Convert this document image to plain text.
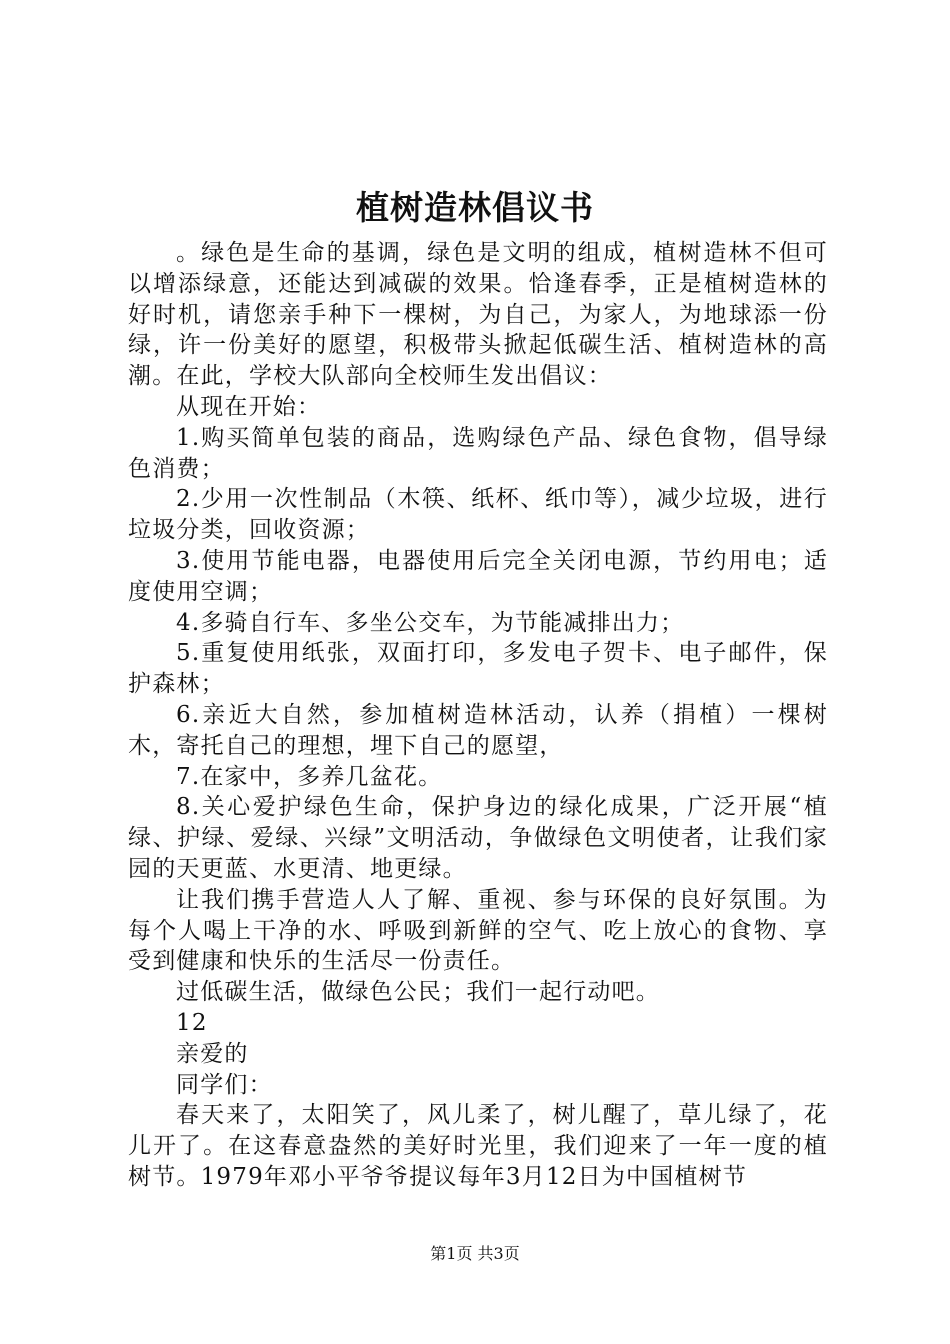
植树造林倡议书

。绿色是生命的基调，绿色是文明的组成，植树造林不但可以增添绿意，还能达到减碳的效果。恰逢春季，正是植树造林的好时机，请您亲手种下一棵树，为自己，为家人，为地球添一份绿，许一份美好的愿望，积极带头掀起低碳生活、植树造林的高潮。在此，学校大队部向全校师生发出倡议：

从现在开始：

1.购买简单包装的商品，选购绿色产品、绿色食物，倡导绿色消费；

2.少用一次性制品（木筷、纸杯、纸巾等），减少垃圾，进行垃圾分类，回收资源；

3.使用节能电器，电器使用后完全关闭电源，节约用电；适度使用空调；

4.多骑自行车、多坐公交车，为节能减排出力；

5.重复使用纸张，双面打印，多发电子贺卡、电子邮件，保护森林；

6.亲近大自然，参加植树造林活动，认养（捐植）一棵树木，寄托自己的理想，埋下自己的愿望，

7.在家中，多养几盆花。

8.关心爱护绿色生命，保护身边的绿化成果，广泛开展“植绿、护绿、爱绿、兴绿”文明活动，争做绿色文明使者，让我们家园的天更蓝、水更清、地更绿。

让我们携手营造人人了解、重视、参与环保的良好氛围。为每个人喝上干净的水、呼吸到新鲜的空气、吃上放心的食物、享受到健康和快乐的生活尽一份责任。

过低碳生活，做绿色公民；我们一起行动吧。

12

亲爱的

同学们：

春天来了，太阳笑了，风儿柔了，树儿醒了，草儿绿了，花儿开了。在这春意盎然的美好时光里，我们迎来了一年一度的植树节。1979年邓小平爷爷提议每年3月12日为中国植树节

第1页 共3页
